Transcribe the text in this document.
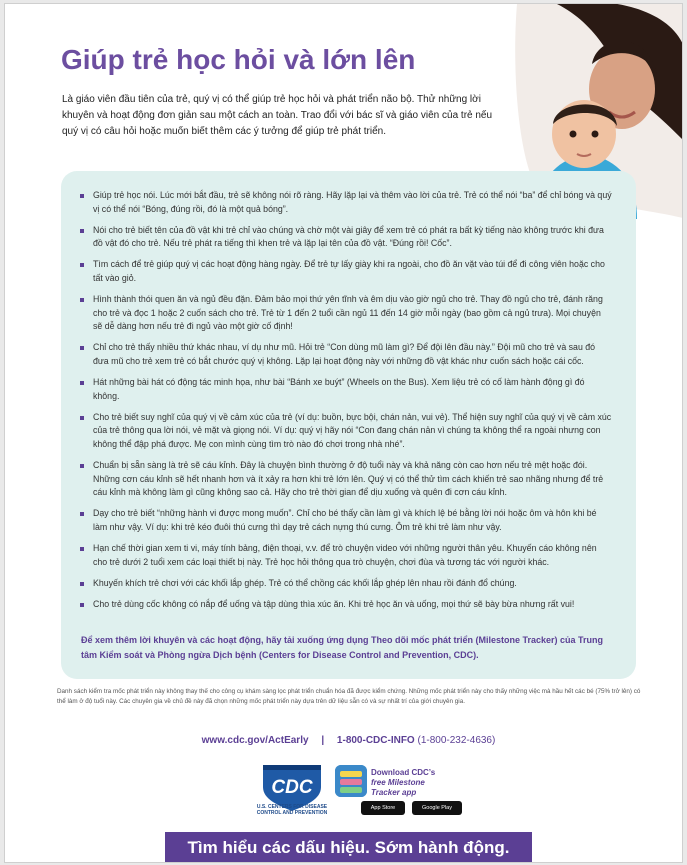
Giúp trẻ học hỏi và lớn lên

Là giáo viên đầu tiên của trẻ, quý vị có thể giúp trẻ học hỏi và phát triển não bộ. Thử những lời khuyên và hoạt động đơn giản sau một cách an toàn. Trao đổi với bác sĩ và giáo viên của trẻ nếu quý vị có câu hỏi hoặc muốn biết thêm các ý tưởng để giúp trẻ phát triển.

Giúp trẻ học nói. Lúc mới bắt đầu, trẻ sẽ không nói rõ ràng. Hãy lặp lại và thêm vào lời của trẻ. Trẻ có thể nói “ba” để chỉ bóng và quý vị có thể nói “Bóng, đúng rồi, đó là một quả bóng”.
Nói cho trẻ biết tên của đồ vật khi trẻ chỉ vào chúng và chờ một vài giây để xem trẻ có phát ra bất kỳ tiếng nào không trước khi đưa đồ vật đó cho trẻ. Nếu trẻ phát ra tiếng thì khen trẻ và lặp lại tên của đồ vật. “Đúng rồi! Cốc”.
Tìm cách để trẻ giúp quý vị các hoạt động hàng ngày. Để trẻ tự lấy giày khi ra ngoài, cho đồ ăn vặt vào túi để đi công viên hoặc cho tất vào giỏ.
Hình thành thói quen ăn và ngủ đều đặn. Đảm bảo mọi thứ yên tĩnh và êm dịu vào giờ ngủ cho trẻ. Thay đồ ngủ cho trẻ, đánh răng cho trẻ và đọc 1 hoặc 2 cuốn sách cho trẻ. Trẻ từ 1 đến 2 tuổi cần ngủ 11 đến 14 giờ mỗi ngày (bao gồm cả ngủ trưa). Mọi chuyện sẽ dễ dàng hơn nếu trẻ đi ngủ vào một giờ cố định!
Chỉ cho trẻ thấy nhiều thứ khác nhau, ví dụ như mũ. Hỏi trẻ “Con dùng mũ làm gì? Để đội lên đầu này.” Đội mũ cho trẻ và sau đó đưa mũ cho trẻ xem trẻ có bắt chước quý vị không. Lặp lại hoạt động này với những đồ vật khác như cuốn sách hoặc cái cốc.
Hát những bài hát có động tác minh họa, như bài “Bánh xe buýt” (Wheels on the Bus). Xem liệu trẻ có cố làm hành động gì đó không.
Cho trẻ biết suy nghĩ của quý vị về cảm xúc của trẻ (ví dụ: buồn, bực bội, chán nản, vui vẻ). Thể hiện suy nghĩ của quý vị về cảm xúc của trẻ thông qua lời nói, vẻ mặt và giọng nói. Ví dụ: quý vị hãy nói “Con đang chán nản vì chúng ta không thể ra ngoài nhưng con không thể đập phá được. Mẹ con mình cùng tìm trò nào đó chơi trong nhà nhé”.
Chuẩn bị sẵn sàng là trẻ sẽ cáu kỉnh. Đây là chuyện bình thường ở độ tuổi này và khả năng còn cao hơn nếu trẻ mệt hoặc đói. Những cơn cáu kỉnh sẽ hết nhanh hơn và ít xảy ra hơn khi trẻ lớn lên. Quý vị có thể thử tìm cách khiến trẻ sao nhãng nhưng để trẻ cáu kỉnh mà không làm gì cũng không sao cả. Hãy cho trẻ thời gian để dịu xuống và quên đi cơn cáu kỉnh.
Dạy cho trẻ biết “những hành vi được mong muốn”. Chỉ cho bé thấy cần làm gì và khích lệ bé bằng lời nói hoặc ôm và hôn khi bé làm như vậy. Ví dụ: khi trẻ kéo đuôi thú cưng thì dạy trẻ cách nựng thú cưng. Ôm trẻ khi trẻ làm như vậy.
Hạn chế thời gian xem ti vi, máy tính bảng, điện thoại, v.v. để trò chuyện video với những người thân yêu. Khuyến cáo không nên cho trẻ dưới 2 tuổi xem các loại thiết bị này. Trẻ học hỏi thông qua trò chuyện, chơi đùa và tương tác với người khác.
Khuyến khích trẻ chơi với các khối lắp ghép. Trẻ có thể chồng các khối lắp ghép lên nhau rồi đánh đổ chúng.
Cho trẻ dùng cốc không có nắp để uống và tập dùng thìa xúc ăn. Khi trẻ học ăn và uống, mọi thứ sẽ bày bừa nhưng rất vui!

Để xem thêm lời khuyên và các hoạt động, hãy tải xuống ứng dụng Theo dõi mốc phát triển (Milestone Tracker) của Trung tâm Kiểm soát và Phòng ngừa Dịch bệnh (Centers for Disease Control and Prevention, CDC).

Danh sách kiểm tra mốc phát triển này không thay thế cho công cụ khám sàng lọc phát triển chuẩn hóa đã được kiểm chứng. Những mốc phát triển này cho thấy những việc mà hầu hết các bé (75% trở lên) có thể làm ở độ tuổi này. Các chuyên gia về chủ đề này đã chọn những mốc phát triển này dựa trên dữ liệu sẵn có và sự nhất trí của giới chuyên gia.

www.cdc.gov/ActEarly | 1-800-CDC-INFO (1-800-232-4636)
CDC
U.S. CENTERS FOR DISEASE CONTROL AND PREVENTION
Download CDC’s
free Milestone
Tracker app
App Store	Google Play
Tìm hiểu các dấu hiệu. Sớm hành động.
